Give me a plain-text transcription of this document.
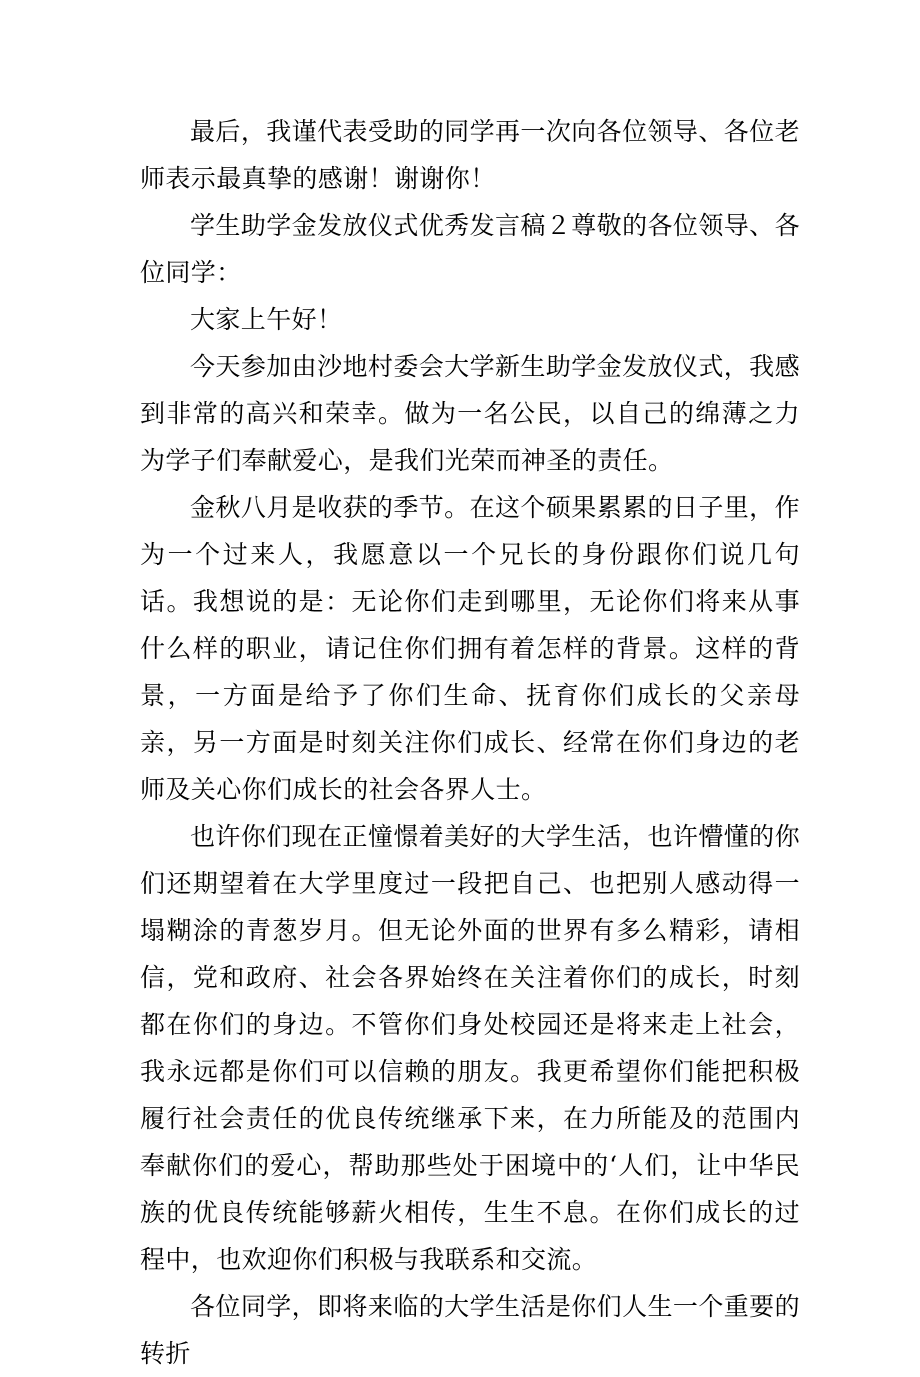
最后，我谨代表受助的同学再一次向各位领导、各位老师表示最真挚的感谢！谢谢你！

学生助学金发放仪式优秀发言稿２尊敬的各位领导、各位同学：

大家上午好！

今天参加由沙地村委会大学新生助学金发放仪式，我感到非常的高兴和荣幸。做为一名公民，以自己的绵薄之力为学子们奉献爱心，是我们光荣而神圣的责任。

金秋八月是收获的季节。在这个硕果累累的日子里，作为一个过来人，我愿意以一个兄长的身份跟你们说几句话。我想说的是：无论你们走到哪里，无论你们将来从事什么样的职业，请记住你们拥有着怎样的背景。这样的背景，一方面是给予了你们生命、抚育你们成长的父亲母亲，另一方面是时刻关注你们成长、经常在你们身边的老师及关心你们成长的社会各界人士。

也许你们现在正憧憬着美好的大学生活，也许懵懂的你们还期望着在大学里度过一段把自己、也把别人感动得一塌糊涂的青葱岁月。但无论外面的世界有多么精彩，请相信，党和政府、社会各界始终在关注着你们的成长，时刻都在你们的身边。不管你们身处校园还是将来走上社会，我永远都是你们可以信赖的朋友。我更希望你们能把积极履行社会责任的优良传统继承下来，在力所能及的范围内奉献你们的爱心，帮助那些处于困境中的‘人们，让中华民族的优良传统能够薪火相传，生生不息。在你们成长的过程中，也欢迎你们积极与我联系和交流。

各位同学，即将来临的大学生活是你们人生一个重要的转折
